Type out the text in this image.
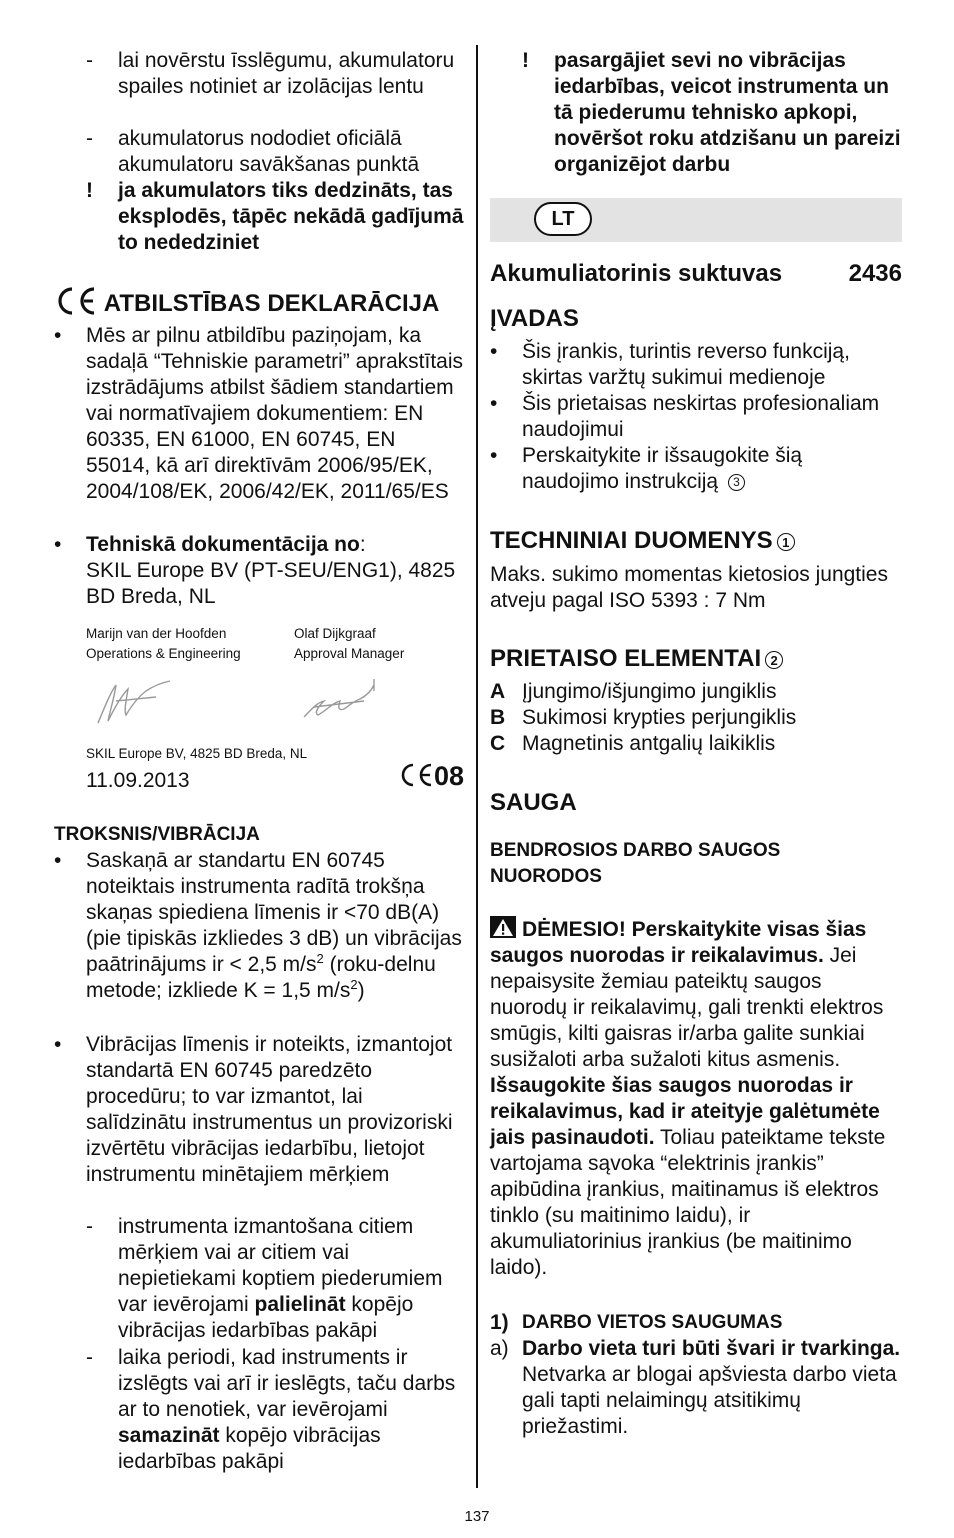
-	lai novērstu īsslēgumu, akumulatoru spailes notiniet ar izolācijas lentu
-	akumulatorus nododiet oficiālā akumulatoru savākšanas punktā
!	ja akumulators tiks dedzināts, tas eksplodēs, tāpēc nekādā gadījumā to nededziniet
ATBILSTĪBAS DEKLARĀCIJA
•	Mēs ar pilnu atbildību paziņojam, ka sadaļā “Tehniskie parametri” aprakstītais izstrādājums atbilst šādiem standartiem vai normatīvajiem dokumentiem: EN 60335, EN 61000, EN 60745, EN 55014, kā arī direktīvām 2006/95/EK, 2004/108/EK, 2006/42/EK, 2011/65/ES
•	Tehniskā dokumentācija no:
SKIL Europe BV (PT-SEU/ENG1), 4825 BD Breda, NL
Marijn van der Hoofden
Operations & Engineering
Olaf Dijkgraaf
Approval Manager
SKIL Europe BV, 4825 BD Breda, NL
11.09.2013	08
TROKSNIS/VIBRĀCIJA
•	Saskaņā ar standartu EN 60745 noteiktais instrumenta radītā trokšņa skaņas spiediena līmenis ir <70 dB(A) (pie tipiskās izkliedes 3 dB) un vibrācijas paātrinājums ir < 2,5 $m/s^2$ (roku-delnu metode; izkliede K = 1,5 $m/s^2$)
•	Vibrācijas līmenis ir noteikts, izmantojot standartā EN 60745 paredzēto procedūru; to var izmantot, lai salīdzinātu instrumentus un provizoriski izvērtētu vibrācijas iedarbību, lietojot instrumentu minētajiem mērķiem
-	instrumenta izmantošana citiem mērķiem vai ar citiem vai nepietiekami koptiem piederumiem var ievērojami palielināt kopējo vibrācijas iedarbības pakāpi
-	laika periodi, kad instruments ir izslēgts vai arī ir ieslēgts, taču darbs ar to nenotiek, var ievērojami samazināt kopējo vibrācijas iedarbības pakāpi
!	pasargājiet sevi no vibrācijas iedarbības, veicot instrumenta un tā piederumu tehnisko apkopi, novēršot roku atdzišanu un pareizi organizējot darbu
LT
Akumuliatorinis suktuvas	2436
ĮVADAS
•	Šis įrankis, turintis reverso funkciją, skirtas varžtų sukimui medienoje
•	Šis prietaisas neskirtas profesionaliam naudojimui
•	Perskaitykite ir išsaugokite šią naudojimo instrukciją 3
TECHNINIAI DUOMENYS 1
Maks. sukimo momentas kietosios jungties atveju pagal ISO 5393 : 7 Nm
PRIETAISO ELEMENTAI 2
A Įjungimo/išjungimo jungiklis
B Sukimosi krypties perjungiklis
C Magnetinis antgalių laikiklis
SAUGA
BENDROSIOS DARBO SAUGOS NUORODOS
DĖMESIO! Perskaitykite visas šias saugos nuorodas ir reikalavimus. Jei nepaisysite žemiau pateiktų saugos nuorodų ir reikalavimų, gali trenkti elektros smūgis, kilti gaisras ir/arba galite sunkiai susižaloti arba sužaloti kitus asmenis. Išsaugokite šias saugos nuorodas ir reikalavimus, kad ir ateityje galėtumėte jais pasinaudoti. Toliau pateiktame tekste vartojama sąvoka “elektrinis įrankis” apibūdina įrankius, maitinamus iš elektros tinklo (su maitinimo laidu), ir akumuliatorinius įrankius (be maitinimo laido).
1) DARBO VIETOS SAUGUMAS
a) Darbo vieta turi būti švari ir tvarkinga. Netvarka ar blogai apšviesta darbo vieta gali tapti nelaimingų atsitikimų priežastimi.
137
